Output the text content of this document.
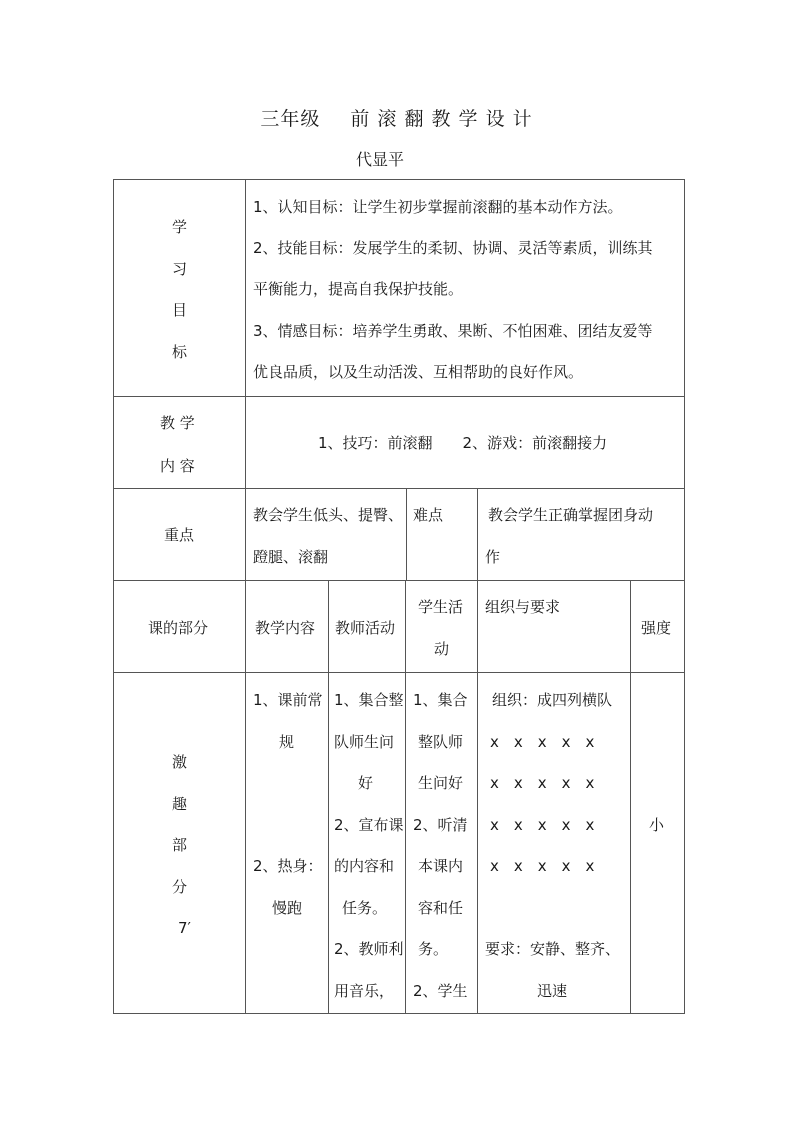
三年级 前 滚 翻 教 学 设 计
代显平
学
习
目
标
1、认知目标：让学生初步掌握前滚翻的基本动作方法。
2、技能目标：发展学生的柔韧、协调、灵活等素质，训练其
平衡能力，提高自我保护技能。
3、情感目标：培养学生勇敢、果断、不怕困难、团结友爱等
优良品质，以及生动活泼、互相帮助的良好作风。
教 学
内 容
1、技巧：前滚翻　　2、游戏：前滚翻接力
重点
教会学生低头、提臀、
蹬腿、滚翻
难点	教会学生正确掌握团身动
作
课的部分	教学内容 教师活动
学生活
动
组织与要求
强度
激
趣
部
分
7′
1、课前常
规
2、热身：
慢跑
1、集合整
队师生问
好
2、宣布课
的内容和
任务。
2、教师利
用音乐，
1、集合
整队师
生问好
2、听清
本课内
容和任
务。
2、学生
组织：成四列横队
x　x　x　x　x
x　x　x　x　x
x　x　x　x　x
x　x　x　x　x
要求：安静、整齐、
迅速
小
